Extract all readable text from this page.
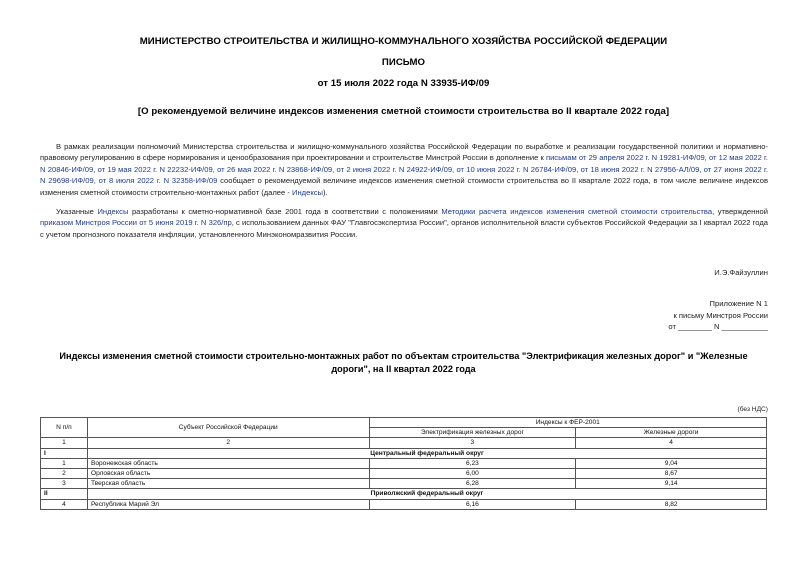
МИНИСТЕРСТВО СТРОИТЕЛЬСТВА И ЖИЛИЩНО-КОММУНАЛЬНОГО ХОЗЯЙСТВА РОССИЙСКОЙ ФЕДЕРАЦИИ
ПИСЬМО
от 15 июля 2022 года N 33935-ИФ/09
[О рекомендуемой величине индексов изменения сметной стоимости строительства во II квартале 2022 года]
В рамках реализации полномочий Министерства строительства и жилищно-коммунального хозяйства Российской Федерации по выработке и реализации государственной политики и нормативно-правовому регулированию в сфере нормирования и ценообразования при проектировании и строительстве Минстрой России в дополнение к письмам от 29 апреля 2022 г. N 19281-ИФ/09, от 12 мая 2022 г. N 20846-ИФ/09, от 19 мая 2022 г. N 22232-ИФ/09, от 26 мая 2022 г. N 23868-ИФ/09, от 2 июня 2022 г. N 24922-ИФ/09, от 10 июня 2022 г. N 26784-ИФ/09, от 18 июня 2022 г. N 27956-АЛ/09, от 27 июня 2022 г. N 29698-ИФ/09, от 8 июля 2022 г. N 32358-ИФ/09 сообщает о рекомендуемой величине индексов изменения сметной стоимости строительства во II квартале 2022 года, в том числе величине индексов изменения сметной стоимости строительно-монтажных работ (далее - Индексы).
Указанные Индексы разработаны к сметно-нормативной базе 2001 года в соответствии с положениями Методики расчета индексов изменения сметной стоимости строительства, утвержденной приказом Минстроя России от 5 июня 2019 г. N 326/пр, с использованием данных ФАУ "Главгосэкспертиза России", органов исполнительной власти субъектов Российской Федерации за I квартал 2022 года с учетом прогнозного показателя инфляции, установленного Минэкономразвития России.
И.Э.Файзуллин
Приложение N 1
к письму Минстроя России
от ________ N ___________
Индексы изменения сметной стоимости строительно-монтажных работ по объектам строительства "Электрификация железных дорог" и "Железные дороги", на II квартал 2022 года
(без НДС)
N п/п	Субъект Российской Федерации	Индексы к ФЕР-2001	
		Электрификация железных дорог	Железные дороги
1	2	3	4
I	Центральный федеральный округ		
1	Воронежская область	6,23	9,04
2	Орловская область	6,00	8,67
3	Тверская область	6,28	9,14
II	Приволжский федеральный округ		
4	Республика Марий Эл	6,16	8,82
